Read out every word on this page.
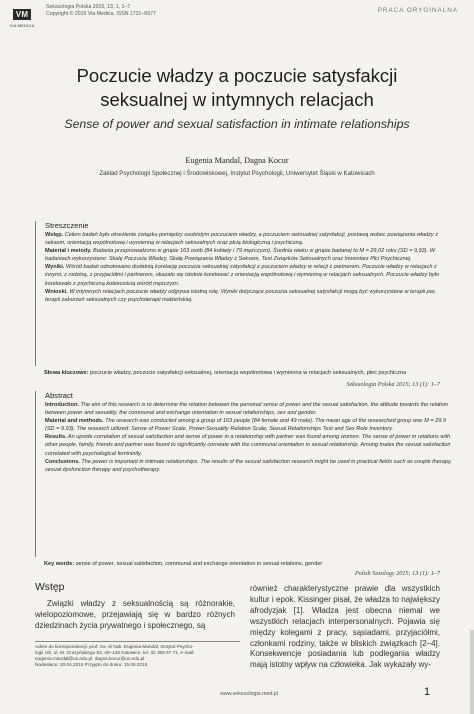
VM
VIA MEDICA
Seksuologia Polska 2015, 13, 1, 1–7
Copyright © 2015 Via Medica, ISSN 1731–6677	PRACA ORYGINALNA
Poczucie władzy a poczucie satysfakcji
seksualnej w intymnych relacjach
Sense of power and sexual satisfaction in intimate relationships
Eugenia Mandal, Dagna Kocur
Zakład Psychologii Społecznej i Środowiskowej, Instytut Psychologii, Uniwersytet Śląski w Katowicach
Streszczenie

Wstęp. Celem badań było określenie związku pomiędzy osobistym poczuciem władzy, a poczuciem seksualnej satysfakcji, postawą wobec powiązania władzy z seksem, orientacją wspólnotową i wymienną w relacjach seksualnych oraz płcią biologiczną i psychiczną.

Materiał i metody. Badania przeprowadzono w grupie 163 osób (84 kobiety i 79 mężczyzn). Średnia wieku w grupie badanej to M = 29,02 roku (SD = 9,93). W badaniach wykorzystano: Skalę Poczucia Władzy, Skalę Powiązania Władzy z Seksem, Test Związków Seksualnych oraz Inwentarz Płci Psychicznej.

Wyniki. Wśród badań odnotowano dodatnią korelację poczucia seksualnej satysfakcji z poczuciem władzy w relacji z partnerem. Poczucie władzy w relacjach z innymi, z rodziną, z przyjaciółmi i partnerem, okazało się istotnie korelować z orientacją wspólnotową i wymienną w relacjach seksualnych. Poczucie władzy było korelowało z psychiczną kobiecością wśród mężczyzn.

Wnioski. W intymnych relacjach poczucie władzy odgrywa istotną rolę. Wyniki dotyczące poczucia seksualnej satysfakcji mogą być wykorzystane w terapii par, terapii zaburzeń seksualnych czy psychoterapii małżeńskiej.

Słowa kluczowe: poczucie władzy, poczucie satysfakcji seksualnej, orientacja wspólnotowa i wymienna w relacjach seksualnych, płeć psychiczna
Seksuologia Polska 2015; 13 (1): 1–7
Abstract

Introduction. The aim of this research is to determine the relation between the personal sense of power and the sexual satisfaction, the attitude towards the relation between power and sexuality, the communal and exchange orientation in sexual relationships, sex and gender.

Material and methods. The research was conducted among a group of 163 people (84 female and 49 male). The mean age of the researched group was M = 29.9 (SD = 9.93). The research utilized: Sense of Power Scale, Power-Sexuality Relation Scale, Sexual Relationships Test and Sex Role Inventory.

Results. An upside correlation of sexual satisfaction and sense of power in a relationship with partner was found among women. The sense of power in relations with other people, family, friends and partner was found to significantly correlate with the communal orientation in sexual relationship. Among males the sexual satisfaction correlated with psychological femininity.

Conclusions. The power is important in intimate relationships. The results of the sexual satisfaction research might be used in practical fields such as couple therapy, sexual dysfunction therapy and psychotherapy.

Key words: sense of power, sexual satisfaction, communal and exchange orientation in sexual relations, gender
Polish Sexology 2015; 13 (1): 1–7
Wstęp

Związki władzy z seksualnością są różnorakie, wielopoziomowe, przejawiają się w bardzo różnych dziedzinach życia prywatnego i społecznego, są

również charakterystyczne prawie dla wszystkich kultur i epok. Kissinger pisał, że władza to największy afrodyzjak [1]. Władza jest obecna niemal we wszystkich relacjach interpersonalnych. Pojawia się między kolegami z pracy, sąsiadami, przyjaciółmi, członkami rodziny, także w bliskich związkach [2–4]. Konsekwencje posiadania lub podlegania władzy mają istotny wpływ na człowieka. Jak wykazały wy-

Adres do korespondencji: prof. zw. dr hab. Eugenia Mandal, Instytut Psycho-
logii UŚ, ul. M. Grażyńskiego 53, 40–126 Katowice, tel. 32 359 97 71, e-mail:
eugenia.mandal@us.edu.pl; dagna.kocur@us.edu.pl
Nadesłano: 20.04.2015 Przyjęto do druku: 15.08.2015
www.seksuologia.med.pl	1
